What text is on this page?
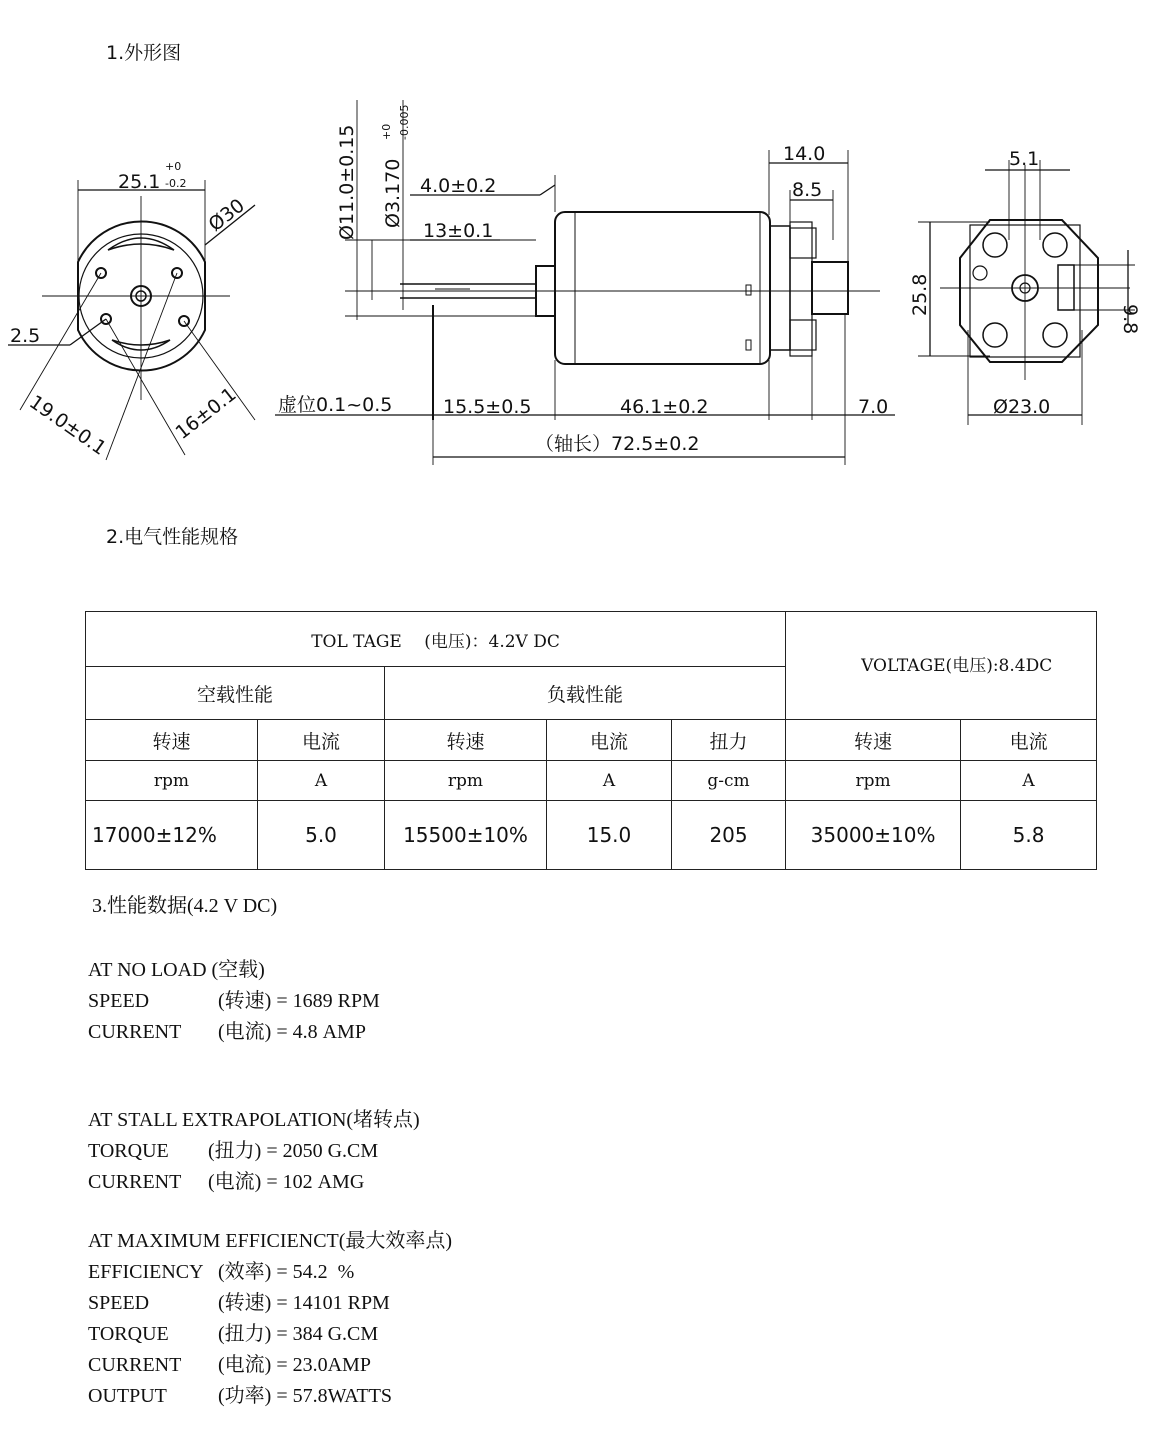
1.外形图
25.1
+0
-0.2
Ø30
2.5
19.0±0.1	16±0.1
Ø11.0±0.15 Ø3.170
+0 -0.005
4.0±0.2
13±0.1
14.0
8.5
虚位0.1~0.5	15.5±0.5	46.1±0.2	7.0
（轴长）72.5±0.2
5.1
25.8
9.8
Ø23.0
2.电气性能规格
TOL TAGE　 (电压)：4.2V DC					VOLTAGE(电压):8.4DC	
空载性能		负载性能				
转速	电流	转速	电流	扭力	转速	电流
rpm	A	rpm	A	g-cm	rpm	A
17000±12%	5.0	15500±10%	15.0	205	35000±10%	5.8
3.性能数据(4.2 V DC)
AT NO LOAD (空载)
SPEED	(转速) = 1689 RPM
CURRENT (电流) = 4.8 AMP
AT STALL EXTRAPOLATION(堵转点)
TORQUE (扭力) = 2050 G.CM
CURRENT (电流) = 102 AMG
AT MAXIMUM EFFICIENCT(最大效率点)
EFFICIENCY (效率) = 54.2  %
SPEED	(转速) = 14101 RPM
TORQUE (扭力) = 384 G.CM
CURRENT (电流) = 23.0AMP
OUTPUT	(功率) = 57.8WATTS
